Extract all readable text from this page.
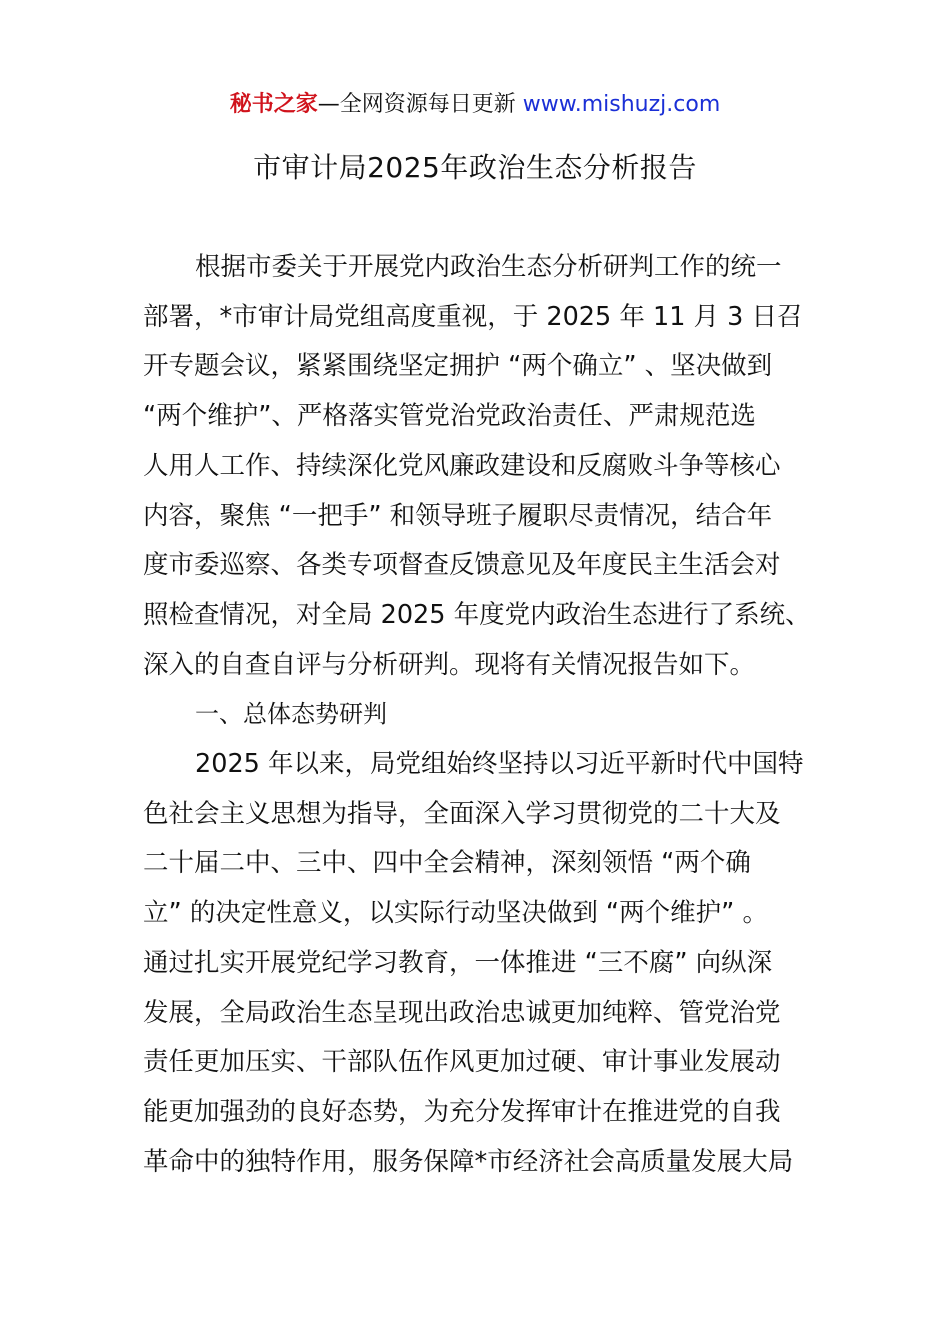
秘书之家—全网资源每日更新 www.mishuzj.com
市审计局2025年政治生态分析报告

根据市委关于开展党内政治生态分析研判工作的统一
部署，*市审计局党组高度重视，于 2025 年 11 月 3 日召
开专题会议，紧紧围绕坚定拥护 “两个确立” 、坚决做到
“两个维护”、严格落实管党治党政治责任、严肃规范选
人用人工作、持续深化党风廉政建设和反腐败斗争等核心
内容，聚焦 “一把手” 和领导班子履职尽责情况，结合年
度市委巡察、各类专项督查反馈意见及年度民主生活会对
照检查情况，对全局 2025 年度党内政治生态进行了系统、
深入的自查自评与分析研判。现将有关情况报告如下。

一、总体态势研判

2025 年以来，局党组始终坚持以习近平新时代中国特
色社会主义思想为指导，全面深入学习贯彻党的二十大及
二十届二中、三中、四中全会精神，深刻领悟 “两个确
立” 的决定性意义，以实际行动坚决做到 “两个维护” 。
通过扎实开展党纪学习教育，一体推进 “三不腐” 向纵深
发展，全局政治生态呈现出政治忠诚更加纯粹、管党治党
责任更加压实、干部队伍作风更加过硬、审计事业发展动
能更加强劲的良好态势，为充分发挥审计在推进党的自我
革命中的独特作用，服务保障*市经济社会高质量发展大局
